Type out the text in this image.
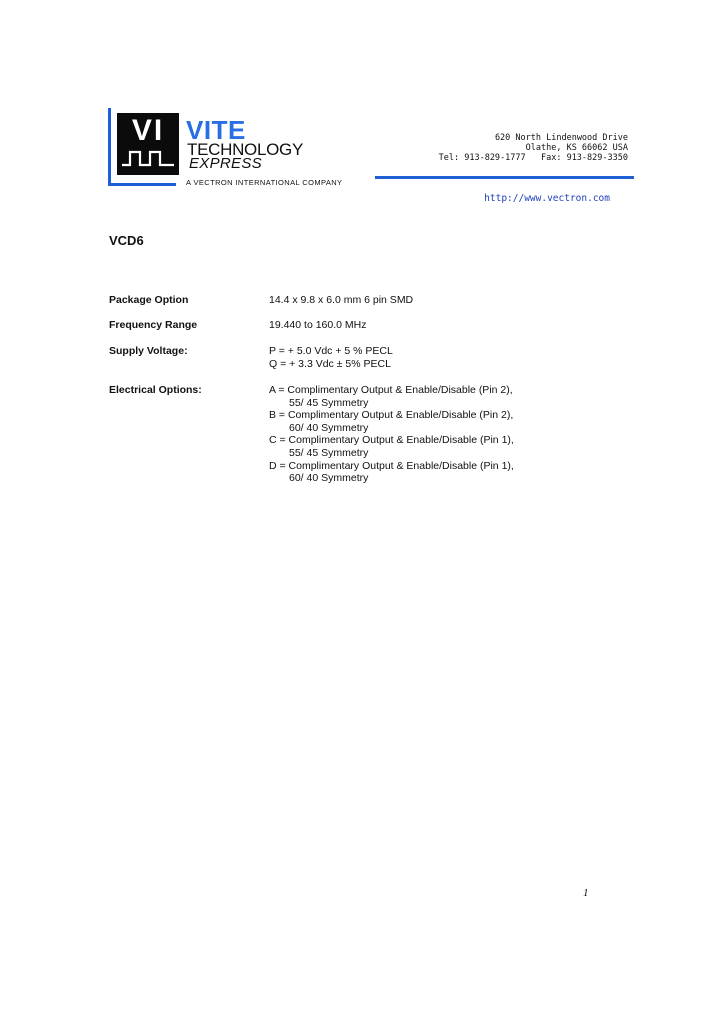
VI VITE
TECHNOLOGY
EXPRESS
A VECTRON INTERNATIONAL COMPANY
620 North Lindenwood Drive
Olathe, KS 66062 USA
Tel: 913-829-1777   Fax: 913-829-3350
http://www.vectron.com
VCD6
Package Option	14.4 x 9.8 x 6.0 mm 6 pin SMD
Frequency Range	19.440 to 160.0 MHz
Supply Voltage:	P = + 5.0 Vdc + 5 % PECL
Q = + 3.3 Vdc ± 5% PECL
Electrical Options:	A = Complimentary Output & Enable/Disable (Pin 2),
55/ 45 Symmetry
B = Complimentary Output & Enable/Disable (Pin 2),
60/ 40 Symmetry
C = Complimentary Output & Enable/Disable (Pin 1),
55/ 45 Symmetry
D = Complimentary Output & Enable/Disable (Pin 1),
60/ 40 Symmetry
1
